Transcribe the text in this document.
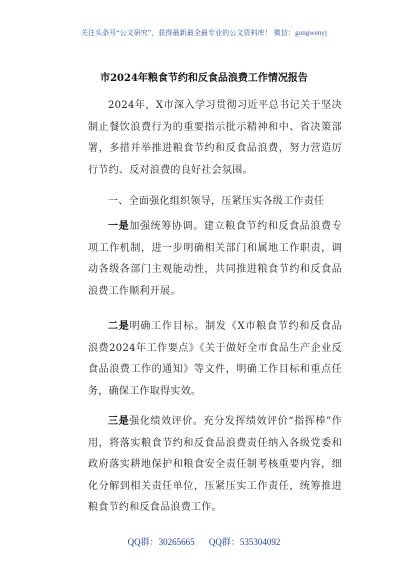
关注头条号“公文研究”，获得最新最全最专业的公文资料库！ 微信：gongwenyj
市2024年粮食节约和反食品浪费工作情况报告
2024年，X市深入学习贯彻习近平总书记关于坚决制止餐饮浪费行为的重要指示批示精神和中、省决策部署，多措并举推进粮食节约和反食品浪费，努力营造厉行节约、反对浪费的良好社会氛围。
一、全面强化组织领导，压紧压实各级工作责任
一是加强统筹协调。建立粮食节约和反食品浪费专项工作机制，进一步明确相关部门和属地工作职责，调动各级各部门主观能动性，共同推进粮食节约和反食品浪费工作顺利开展。
二是明确工作目标。制发《X市粮食节约和反食品浪费2024年工作要点》《关于做好全市食品生产企业反食品浪费工作的通知》等文件，明确工作目标和重点任务，确保工作取得实效。
三是强化绩效评价。充分发挥绩效评价“指挥棒”作用，将落实粮食节约和反食品浪费责任纳入各级党委和政府落实耕地保护和粮食安全责任制考核重要内容，细化分解到相关责任单位，压紧压实工作责任，统筹推进粮食节约和反食品浪费工作。
QQ群：30265665 QQ群：535304092
